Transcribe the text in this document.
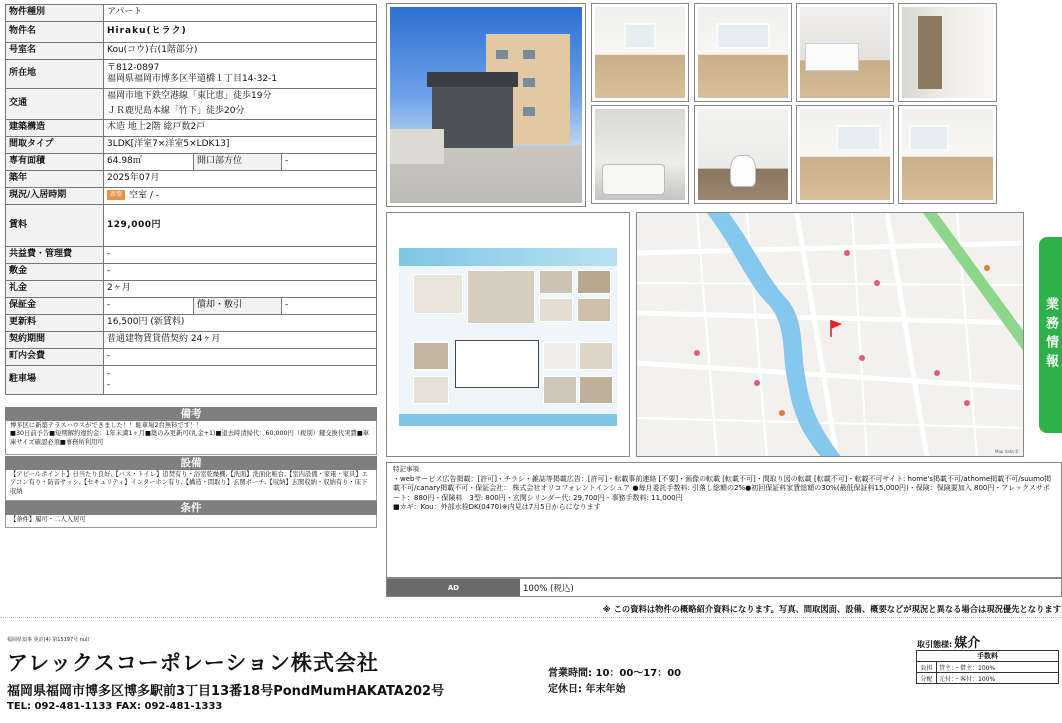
物件種別	アパート		
物件名	Hiraku(ヒラク)		
号室名	Kou(コウ)右(1階部分)		
所在地	〒812-0897
福岡県福岡市博多区半道橋１丁目14-32-1		

交通	福岡市地下鉄空港線「東比恵」徒歩19分
ＪＲ鹿児島本線「竹下」徒歩20分		

建築構造	木造 地上2階 総戸数2戸		
間取タイプ	3LDK[洋室7×洋室5×LDK13]		
専有面積	64.98㎡	開口部方位	-
築年	2025年07月		
現況/入居時期	新築 空室 / -		
賃料	129,000円		
共益費・管理費	-		
敷金	-		
礼金	2ヶ月		
保証金	-	償却・敷引	-
更新料	16,500円 (新賃料)		
契約期間	普通建物賃貸借契約 24ヶ月		
町内会費	-		
駐車場	-
-		
備考
博多区に新築テラスハウスができました！！駐車場2台無料です！！
■30日前予告■短期解約違約金：1年未満1ヶ月■築のみ更新可(礼金+1)■退去時清掃代：60,000円（税別）鍵交換代実費■車庫サイズ確認必須■事務所利用可
設備
【アピールポイント】日当たり良好,【バス・トイレ】追焚有り・浴室乾燥機,【洗面】洗面化粧台,【室内設備・家電・家具】エアコン有り・防音サッシ,【セキュリティ】インターホン有り,【構造・間取り】玄関ポーチ,【収納】玄関収納・収納有り・床下収納
条件
【条件】履可・二人入居可
Map data ©
業務情報
特記事項
・webサービス広告掲載：[許可]・チラシ・雑誌等掲載広告：[許可]・転載事前連絡 [不要]・画像の転載 [転載不可]・間取り図の転載 [転載不可]・転載不可サイト: home's掲載不可/athome掲載不可/suumo掲載不可/canary掲載不可・保証会社： 株式会社オリコフォレントインシュア ●毎月委託手数料: 引落し総額の2%●初回保証料家賃総額の30%(最低保証料15,000円)・保険：保険要加入 800円・アレックスサポート：880円・保険料　3型: 800円・玄関シリンダー代: 29,700円・事務手数料: 11,000円
■カギ：Kou：外部水栓DK(0470)※内見は7月5日からになります
AD	100% (税込)
※ この資料は物件の概略紹介資料になります。写真、間取図面、設備、概要などが現況と異なる場合は現況優先となります
福岡県知事 免許(4) 第15197号 null
アレックスコーポレーション株式会社
福岡県福岡市博多区博多駅前3丁目13番18号PondMumHAKATA202号
TEL: 092-481-1133 FAX: 092-481-1333
営業時間: 10：00～17：00
定休日: 年末年始
取引態様: 媒介
手数料	
負担	貸主：・借主：100%
分配	元付：・客付：100%
